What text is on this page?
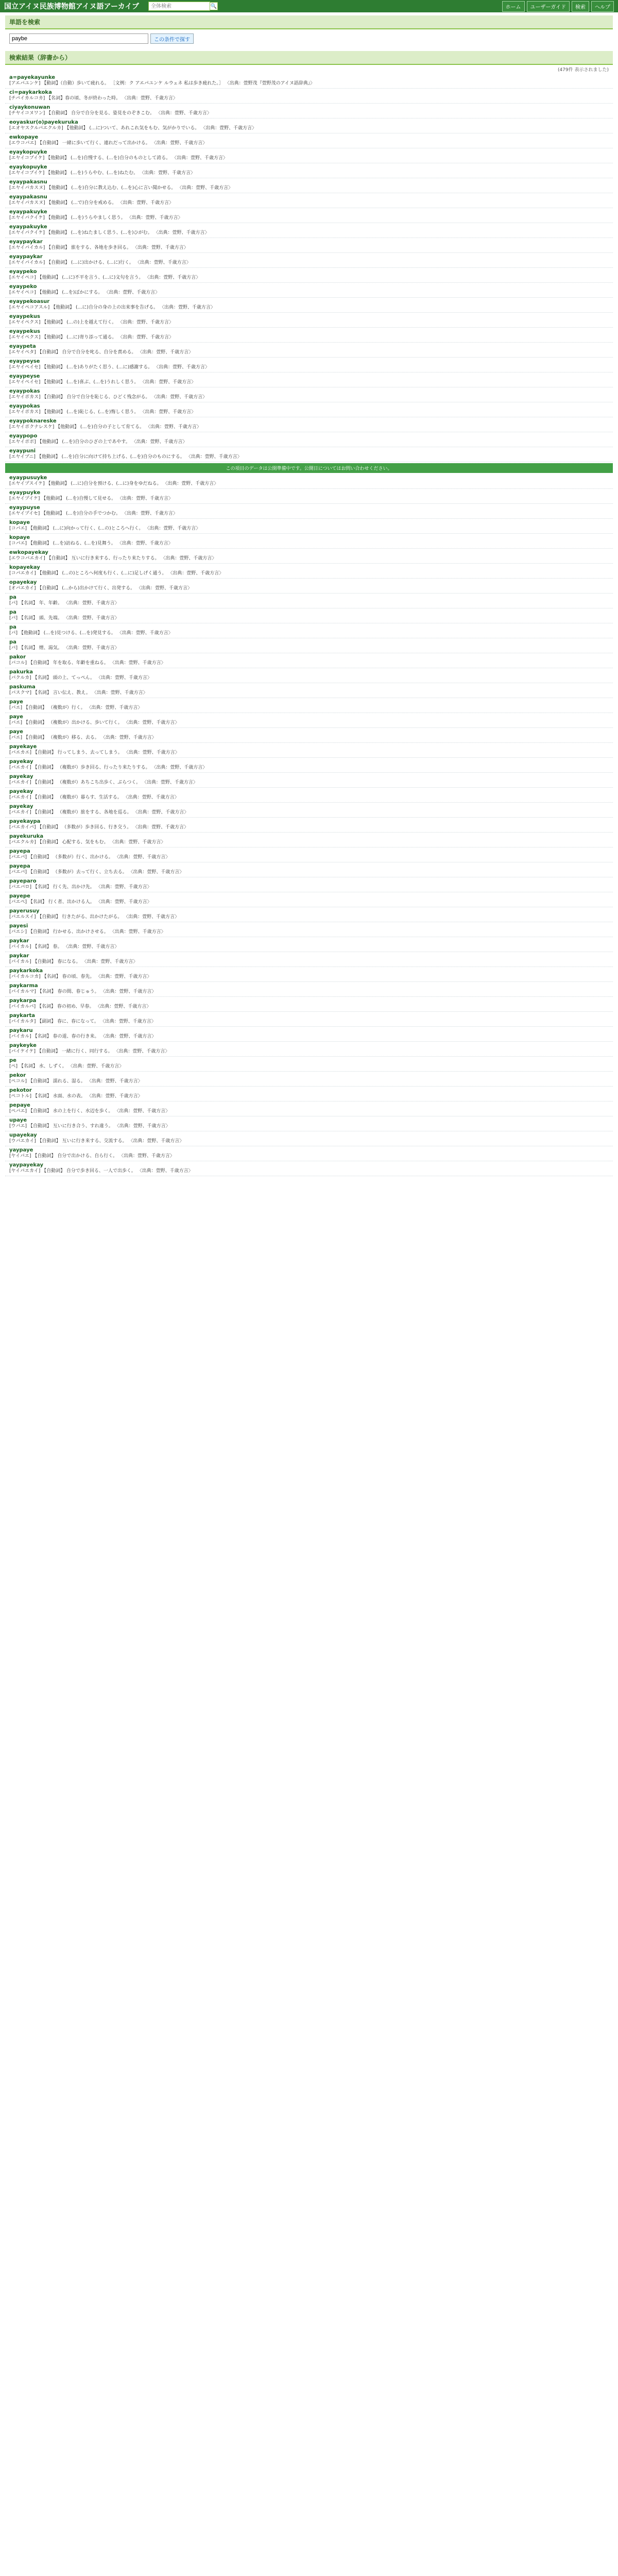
国立アイヌ民族博物館アイヌ語アーカイブ
全体検索	🔍	ホーム	ユーザーガイド	検索	ヘルプ
単語を検索
paybe
この条件で探す
検索結果（辞書から）
(479件 表示されました)
a=payekayunke
[アエパユンケ] 【動詞】（自動）歩いて疲れる。 ［文例：ク アエパユンケ ルウェネ 私は歩き疲れた。］ 〈出典：萱野茂『萱野茂のアイヌ語辞典』〉
ci=paykarkoka
[チパイカルコカ] 【名詞】春の頃、冬が終わった時。 〈出典：萱野、千歳方言〉
ciyaykonuwan
[チヤイコヌワン] 【自動詞】 自分で自分を見る、姿見をのぞきこむ。 〈出典：萱野、千歳方言〉
eoyaskur(o)payekuruka
[エオヤスクルパエクルカ] 【他動詞】 (…に)ついて、あれこれ気をもむ、気がかりでいる。 〈出典：萱野、千歳方言〉
ewkopaye
[エウコパエ] 【自動詞】 一緒に歩いて行く、連れだって出かける。 〈出典：萱野、千歳方言〉
eyaykopuyke
[エヤイコプイケ] 【他動詞】 (…を)自慢する、(…を)自分のものとして誇る。 〈出典：萱野、千歳方言〉
eyaykopuyke
[エヤイコプイケ] 【他動詞】 (…を)うらやむ、(…を)ねたむ。 〈出典：萱野、千歳方言〉
eyaypakasnu
[エヤイパカスヌ] 【他動詞】 (…を)自分に教え込む、(…を)心に言い聞かせる。 〈出典：萱野、千歳方言〉
eyaypakasnu
[エヤイパカスヌ] 【他動詞】 (…で)自分を戒める。 〈出典：萱野、千歳方言〉
eyaypakuyke
[エヤイパクイケ] 【他動詞】 (…を)うらやましく思う。 〈出典：萱野、千歳方言〉
eyaypakuyke
[エヤイパクイケ] 【他動詞】 (…を)ねたましく思う、(…を)ひがむ。 〈出典：萱野、千歳方言〉
eyaypaykar
[エヤイパイカル] 【自動詞】 旅をする、各地を歩き回る。 〈出典：萱野、千歳方言〉
eyaypaykar
[エヤイパイカル] 【自動詞】 (…に)出かける、(…に)行く。 〈出典：萱野、千歳方言〉
eyaypeko
[エヤイペコ] 【他動詞】 (…に)不平を言う、(…に)文句を言う。 〈出典：萱野、千歳方言〉
eyaypeko
[エヤイペコ] 【他動詞】 (…を)ばかにする。 〈出典：萱野、千歳方言〉
eyaypekoasur
[エヤイペコアスル] 【他動詞】 (…に)自分の身の上の出来事を告げる。 〈出典：萱野、千歳方言〉
eyaypekus
[エヤイペクス] 【他動詞】 (…の)上を越えて行く。 〈出典：萱野、千歳方言〉
eyaypekus
[エヤイペクス] 【他動詞】 (…に)寄り添って通る。 〈出典：萱野、千歳方言〉
eyaypeta
[エヤイペタ] 【自動詞】 自分で自分を叱る、自分を責める。 〈出典：萱野、千歳方言〉
eyaypeyse
[エヤイペイセ] 【他動詞】 (…を)ありがたく思う、(…に)感謝する。 〈出典：萱野、千歳方言〉
eyaypeyse
[エヤイペイセ] 【他動詞】 (…を)喜ぶ、(…を)うれしく思う。 〈出典：萱野、千歳方言〉
eyaypokas
[エヤイポカス] 【自動詞】 自分で自分を恥じる、ひどく残念がる。 〈出典：萱野、千歳方言〉
eyaypokas
[エヤイポカス] 【他動詞】 (…を)恥じる、(…を)悔しく思う。 〈出典：萱野、千歳方言〉
eyaypoknareske
[エヤイポクナレスケ] 【他動詞】 (…を)自分の子として育てる。 〈出典：萱野、千歳方言〉
eyaypopo
[エヤイポポ] 【他動詞】 (…を)自分のひざの上であやす。 〈出典：萱野、千歳方言〉
eyaypuni
[エヤイプニ] 【他動詞】 (…を)自分に向けて持ち上げる、(…を)自分のものにする。 〈出典：萱野、千歳方言〉
この項目のデータは公開準備中です。公開日についてはお問い合わせください。
eyaypusuyke
[エヤイプスイケ] 【他動詞】 (…に)自分を預ける、(…に)身をゆだねる。 〈出典：萱野、千歳方言〉
eyaypuyke
[エヤイプイケ] 【他動詞】 (…を)自慢して見せる。 〈出典：萱野、千歳方言〉
eyaypuyse
[エヤイプイセ] 【他動詞】 (…を)自分の手でつかむ。 〈出典：萱野、千歳方言〉
kopaye
[コパエ] 【他動詞】 (…に)向かって行く、(…の)ところへ行く。 〈出典：萱野、千歳方言〉
kopaye
[コパエ] 【他動詞】 (…を)訪ねる、(…を)見舞う。 〈出典：萱野、千歳方言〉
ewkopayekay
[エウコパエカイ] 【自動詞】 互いに行き来する、行ったり来たりする。 〈出典：萱野、千歳方言〉
kopayekay
[コパエカイ] 【他動詞】 (…の)ところへ何度も行く、(…に)足しげく通う。 〈出典：萱野、千歳方言〉
opayekay
[オパエカイ] 【自動詞】 (…から)出かけて行く、出発する。 〈出典：萱野、千歳方言〉
pa
[パ] 【名詞】 年、年齢。 〈出典：萱野、千歳方言〉
pa
[パ] 【名詞】 頭、先端。 〈出典：萱野、千歳方言〉
pa
[パ] 【他動詞】 (…を)見つける、(…を)発見する。 〈出典：萱野、千歳方言〉
pa
[パ] 【名詞】 煙、湯気。 〈出典：萱野、千歳方言〉
pakor
[パコル] 【自動詞】 年を取る、年齢を重ねる。 〈出典：萱野、千歳方言〉
pakurka
[パクルカ] 【名詞】 頭の上、てっぺん。 〈出典：萱野、千歳方言〉
paskuma
[パスクマ] 【名詞】 言い伝え、教え。 〈出典：萱野、千歳方言〉
paye
[パエ] 【自動詞】 （複数が）行く。 〈出典：萱野、千歳方言〉
paye
[パエ] 【自動詞】 （複数が）出かける、歩いて行く。 〈出典：萱野、千歳方言〉
paye
[パエ] 【自動詞】 （複数が）移る、去る。 〈出典：萱野、千歳方言〉
payekaye
[パエカエ] 【自動詞】 行ってしまう、去ってしまう。 〈出典：萱野、千歳方言〉
payekay
[パエカイ] 【自動詞】 （複数が）歩き回る、行ったり来たりする。 〈出典：萱野、千歳方言〉
payekay
[パエカイ] 【自動詞】 （複数が）あちこち出歩く、ぶらつく。 〈出典：萱野、千歳方言〉
payekay
[パエカイ] 【自動詞】 （複数が）暮らす、生活する。 〈出典：萱野、千歳方言〉
payekay
[パエカイ] 【自動詞】 （複数が）旅をする、各地を巡る。 〈出典：萱野、千歳方言〉
payekaypa
[パエカイパ] 【自動詞】 （多数が）歩き回る、行き交う。 〈出典：萱野、千歳方言〉
payekuruka
[パエクルカ] 【自動詞】 心配する、気をもむ。 〈出典：萱野、千歳方言〉
payepa
[パエパ] 【自動詞】 （多数が）行く、出かける。 〈出典：萱野、千歳方言〉
payepa
[パエパ] 【自動詞】 （多数が）去って行く、立ち去る。 〈出典：萱野、千歳方言〉
payeparo
[パエパロ] 【名詞】 行く先、出かけ先。 〈出典：萱野、千歳方言〉
payepe
[パエペ] 【名詞】 行く者、出かける人。 〈出典：萱野、千歳方言〉
payerusuy
[パエルスイ] 【自動詞】 行きたがる、出かけたがる。 〈出典：萱野、千歳方言〉
payesi
[パエシ] 【自動詞】 行かせる、出かけさせる。 〈出典：萱野、千歳方言〉
paykar
[パイカル] 【名詞】 春。 〈出典：萱野、千歳方言〉
paykar
[パイカル] 【自動詞】 春になる。 〈出典：萱野、千歳方言〉
paykarkoka
[パイカルコカ] 【名詞】 春の頃、春先。 〈出典：萱野、千歳方言〉
paykarma
[パイカルマ] 【名詞】 春の間、春じゅう。 〈出典：萱野、千歳方言〉
paykarpa
[パイカルパ] 【名詞】 春の初め、早春。 〈出典：萱野、千歳方言〉
paykarta
[パイカルタ] 【副詞】 春に、春になって。 〈出典：萱野、千歳方言〉
paykaru
[パイカル] 【名詞】 春の道、春の行き来。 〈出典：萱野、千歳方言〉
paykeyke
[パイケイケ] 【自動詞】 一緒に行く、同行する。 〈出典：萱野、千歳方言〉
pe
[ペ] 【名詞】 水、しずく。 〈出典：萱野、千歳方言〉
pekor
[ペコル] 【自動詞】 濡れる、湿る。 〈出典：萱野、千歳方言〉
pekotor
[ペコトル] 【名詞】 水面、水の表。 〈出典：萱野、千歳方言〉
pepaye
[ペパエ] 【自動詞】 水の上を行く、水辺を歩く。 〈出典：萱野、千歳方言〉
upaye
[ウパエ] 【自動詞】 互いに行き合う、すれ違う。 〈出典：萱野、千歳方言〉
upayekay
[ウパエカイ] 【自動詞】 互いに行き来する、交流する。 〈出典：萱野、千歳方言〉
yaypaye
[ヤイパエ] 【自動詞】 自分で出かける、自ら行く。 〈出典：萱野、千歳方言〉
yaypayekay
[ヤイパエカイ] 【自動詞】 自分で歩き回る、一人で出歩く。 〈出典：萱野、千歳方言〉
